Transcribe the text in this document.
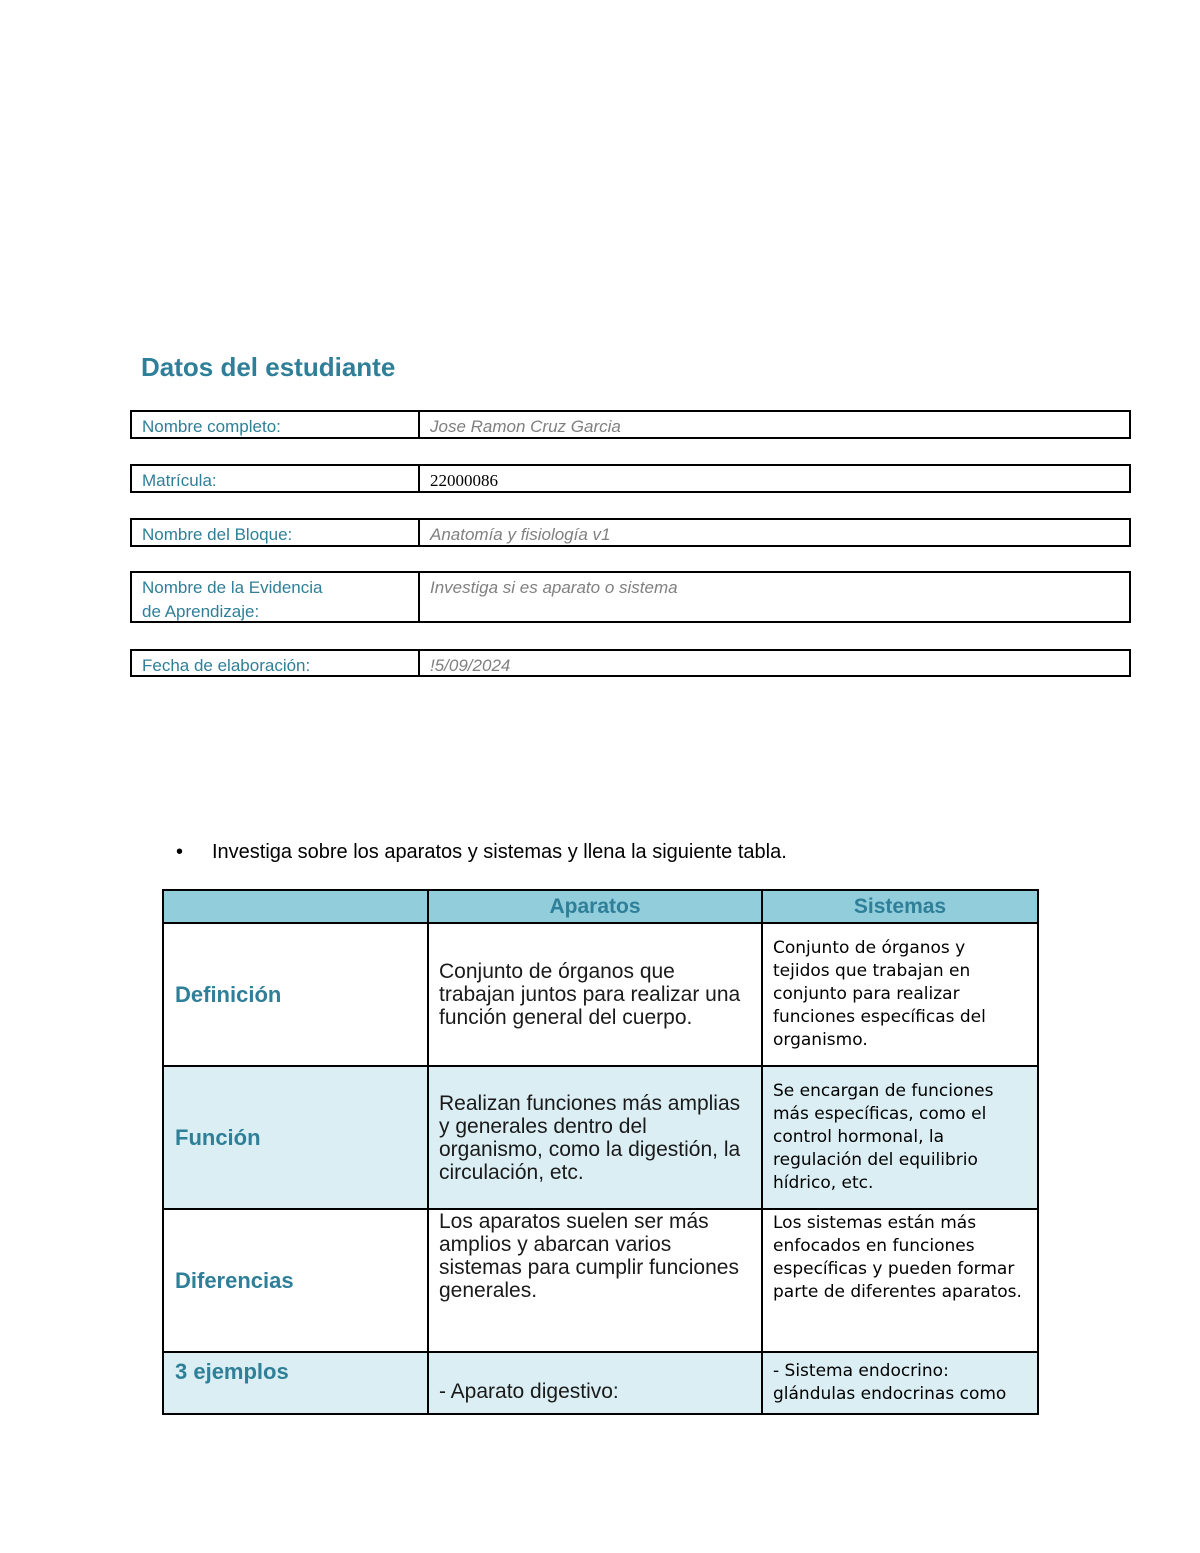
Datos del estudiante
Nombre completo:	Jose Ramon Cruz Garcia
Matrícula:	22000086
Nombre del Bloque:	Anatomía y fisiología v1
Nombre de la Evidencia
de Aprendizaje:
Investiga si es aparato o sistema
Fecha de elaboración:	!5/09/2024
• Investiga sobre los aparatos y sistemas y llena la siguiente tabla.
	Aparatos	Sistemas
Definición	Conjunto de órganos que trabajan juntos para realizar una función general del cuerpo.	Conjunto de órganos y tejidos que trabajan en conjunto para realizar funciones específicas del organismo.
Función	Realizan funciones más amplias y generales dentro del organismo, como la digestión, la circulación, etc.	Se encargan de funciones más específicas, como el control hormonal, la regulación del equilibrio hídrico, etc.
Diferencias	Los aparatos suelen ser más amplios y abarcan varios sistemas para cumplir funciones generales.	Los sistemas están más enfocados en funciones específicas y pueden formar parte de diferentes aparatos.
3 ejemplos	- Aparato digestivo:	- Sistema endocrino: glándulas endocrinas como
